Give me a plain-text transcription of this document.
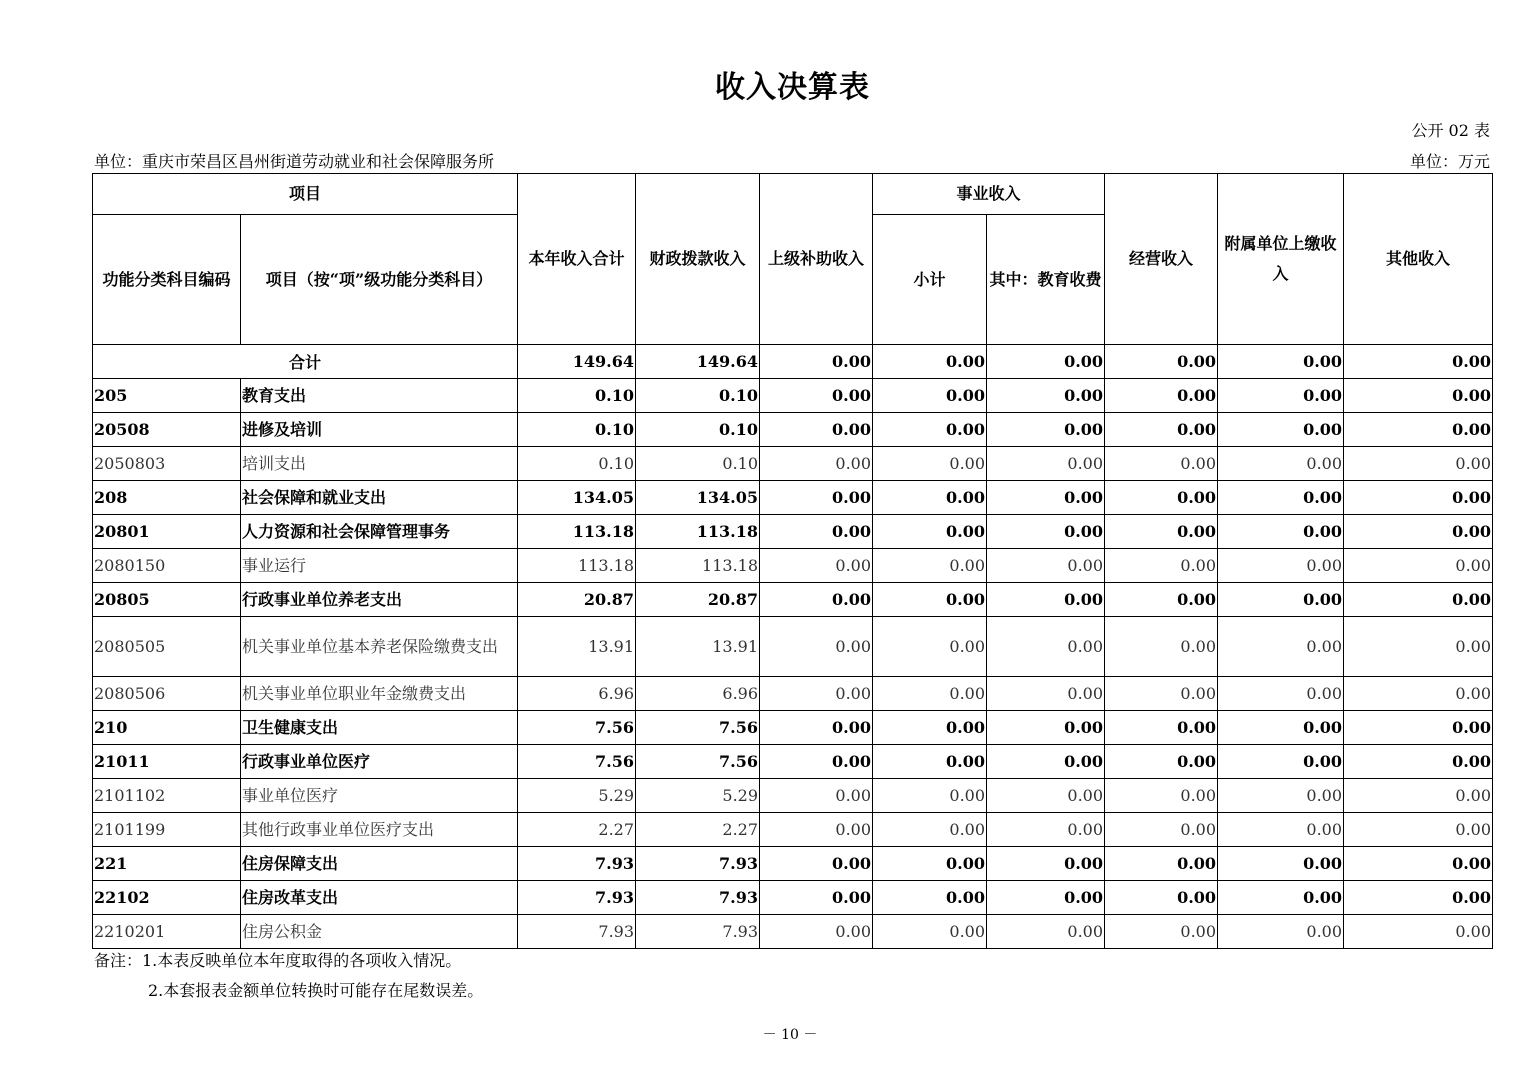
收入决算表
公开 02 表
单位：重庆市荣昌区昌州街道劳动就业和社会保障服务所	单位：万元
项目		本年收入合计	财政拨款收入	上级补助收入	事业收入		经营收入	附属单位上缴收入	其他收入
功能分类科目编码	项目（按“项”级功能分类科目）				小计	其中：教育收费			
合计		149.64	149.64	0.00	0.00	0.00	0.00	0.00	0.00
205	教育支出	0.10	0.10	0.00	0.00	0.00	0.00	0.00	0.00
20508	进修及培训	0.10	0.10	0.00	0.00	0.00	0.00	0.00	0.00
2050803	培训支出	0.10	0.10	0.00	0.00	0.00	0.00	0.00	0.00
208	社会保障和就业支出	134.05	134.05	0.00	0.00	0.00	0.00	0.00	0.00
20801	人力资源和社会保障管理事务	113.18	113.18	0.00	0.00	0.00	0.00	0.00	0.00
2080150	事业运行	113.18	113.18	0.00	0.00	0.00	0.00	0.00	0.00
20805	行政事业单位养老支出	20.87	20.87	0.00	0.00	0.00	0.00	0.00	0.00
2080505	机关事业单位基本养老保险缴费支出	13.91	13.91	0.00	0.00	0.00	0.00	0.00	0.00
2080506	机关事业单位职业年金缴费支出	6.96	6.96	0.00	0.00	0.00	0.00	0.00	0.00
210	卫生健康支出	7.56	7.56	0.00	0.00	0.00	0.00	0.00	0.00
21011	行政事业单位医疗	7.56	7.56	0.00	0.00	0.00	0.00	0.00	0.00
2101102	事业单位医疗	5.29	5.29	0.00	0.00	0.00	0.00	0.00	0.00
2101199	其他行政事业单位医疗支出	2.27	2.27	0.00	0.00	0.00	0.00	0.00	0.00
221	住房保障支出	7.93	7.93	0.00	0.00	0.00	0.00	0.00	0.00
22102	住房改革支出	7.93	7.93	0.00	0.00	0.00	0.00	0.00	0.00
2210201	住房公积金	7.93	7.93	0.00	0.00	0.00	0.00	0.00	0.00
备注：1.本表反映单位本年度取得的各项收入情况。
2.本套报表金额单位转换时可能存在尾数误差。
－ 10 －
